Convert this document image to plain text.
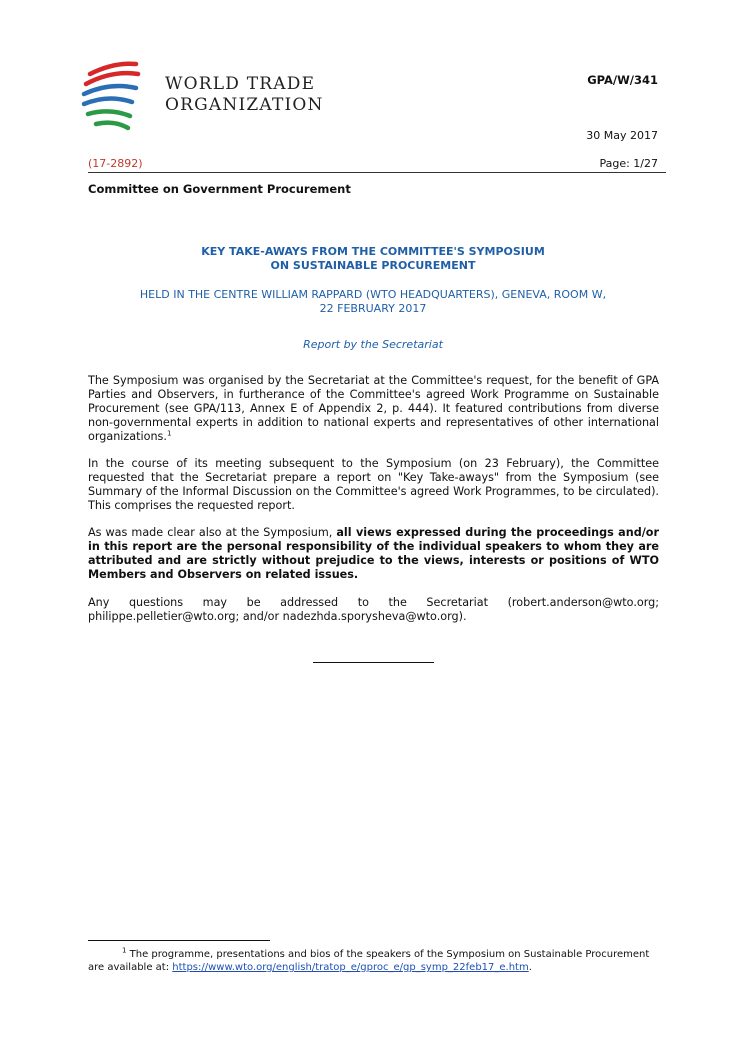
WORLD TRADE
ORGANIZATION
GPA/W/341
30 May 2017
(17-2892)	Page: 1/27
Committee on Government Procurement
KEY TAKE-AWAYS FROM THE COMMITTEE'S SYMPOSIUM
ON SUSTAINABLE PROCUREMENT
HELD IN THE CENTRE WILLIAM RAPPARD (WTO HEADQUARTERS), GENEVA, ROOM W,
22 FEBRUARY 2017
Report by the Secretariat
The Symposium was organised by the Secretariat at the Committee's request, for the benefit of GPA Parties and Observers, in furtherance of the Committee's agreed Work Programme on Sustainable Procurement (see GPA/113, Annex E of Appendix 2, p. 444). It featured contributions from diverse non-governmental experts in addition to national experts and representatives of other international organizations.$^1$
In the course of its meeting subsequent to the Symposium (on 23 February), the Committee requested that the Secretariat prepare a report on "Key Take-aways" from the Symposium (see Summary of the Informal Discussion on the Committee's agreed Work Programmes, to be circulated). This comprises the requested report.
As was made clear also at the Symposium, all views expressed during the proceedings and/or in this report are the personal responsibility of the individual speakers to whom they are attributed and are strictly without prejudice to the views, interests or positions of WTO Members and Observers on related issues.
Any questions may be addressed to the Secretariat (robert.anderson@wto.org; philippe.pelletier@wto.org; and/or nadezhda.sporysheva@wto.org).
$^1$ The programme, presentations and bios of the speakers of the Symposium on Sustainable Procurement are available at: https://www.wto.org/english/tratop_e/gproc_e/gp_symp_22feb17_e.htm.
